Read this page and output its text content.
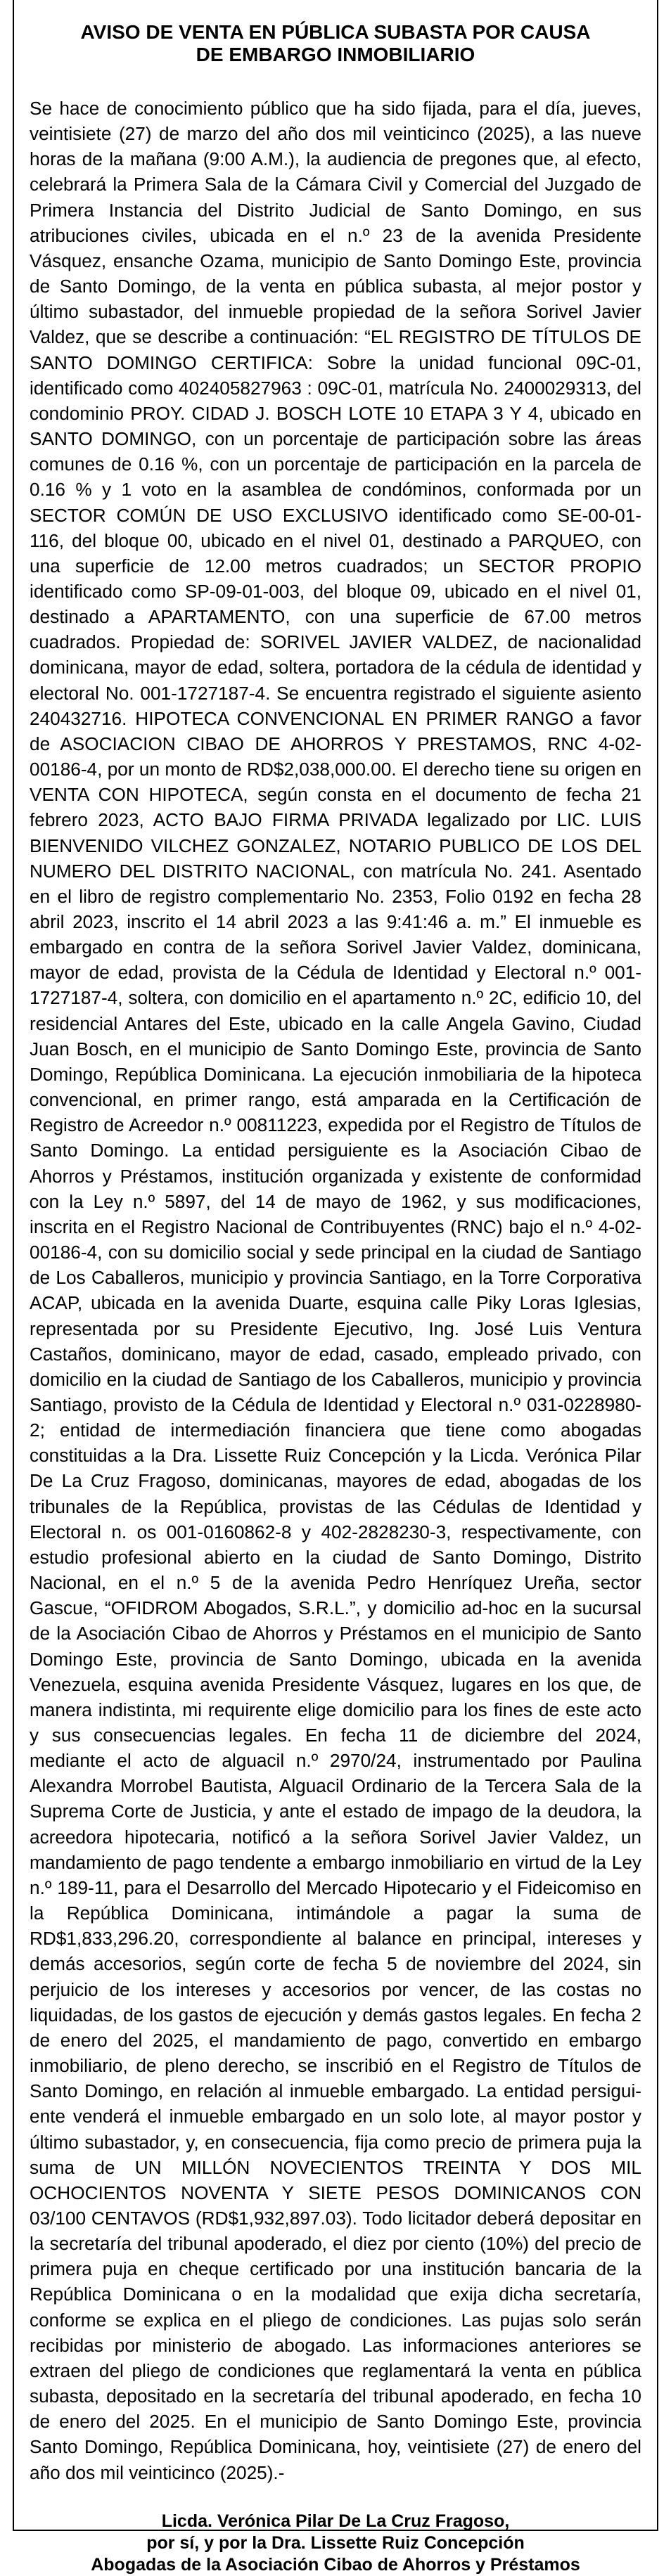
AVISO DE VENTA EN PÚBLICA SUBASTA POR CAUSA
DE EMBARGO INMOBILIARIO

Se hace de conocimiento público que ha sido fijada, para el día, jueves, veintisiete (27) de marzo del año dos mil veinticinco (2025), a las nueve horas de la mañana (9:00 A.M.), la audiencia de pregones que, al efecto, celebrará la Primera Sala de la Cámara Civil y Comercial del Juzgado de Primera Instancia del Distrito Judicial de Santo Domingo, en sus atribuciones civiles, ubicada en el n.º 23 de la avenida Presidente Vásquez, ensanche Ozama, municipio de Santo Domingo Este, provincia de Santo Domingo, de la venta en pública subasta, al mejor postor y último subastador, del inmueble propiedad de la señora Sorivel Javier Valdez, que se describe a continuación: “EL REGISTRO DE TÍTULOS DE SANTO DOMINGO CERTIFICA: Sobre la unidad funcional 09C-01, identificado como 402405827963 : 09C-01, matrícula No. 2400029313, del condominio PROY. CIDAD J. BOSCH LOTE 10 ETAPA 3 Y 4, ubicado en SANTO DOMINGO, con un porcentaje de participación sobre las áreas comunes de 0.16 %, con un porcentaje de participación en la parcela de 0.16 % y 1 voto en la asamblea de condóminos, conformada por un SECTOR COMÚN DE USO EXCLUSIVO identificado como SE-00-01- 116, del bloque 00, ubicado en el nivel 01, destinado a PARQUEO, con una superficie de 12.00 metros cuadrados; un SECTOR PROPIO identificado como SP-09-01-003, del bloque 09, ubicado en el nivel 01, destinado a APARTAMENTO, con una superficie de 67.00 metros cuadrados. Propiedad de: SORIVEL JAVIER VALDEZ, de nacionalidad dominicana, mayor de edad, soltera, portadora de la cédula de identidad y electoral No. 001-1727187-4. Se encuentra registrado el siguiente asiento 240432716. HIPOTECA CONVENCIONAL EN PRIMER RANGO a favor de ASOCIACION CIBAO DE AHORROS Y PRESTAMOS, RNC 4-02-00186-4, por un monto de RD$2,038,000.00. El derecho tiene su origen en VENTA CON HIPOTECA, según consta en el documento de fecha 21 febrero 2023, ACTO BAJO FIRMA PRIVADA legalizado por LIC. LUIS BIENVENIDO VILCHEZ GONZALEZ, NOTARIO PUBLICO DE LOS DEL NUMERO DEL DISTRITO NACIONAL, con matrícula No. 241. Asentado en el libro de registro complementario No. 2353, Folio 0192 en fecha 28 abril 2023, inscrito el 14 abril 2023 a las 9:41:46 a. m.” El inmueble es embargado en contra de la señora Sorivel Javier Valdez, dominicana, mayor de edad, provista de la Cédula de Identidad y Electoral n.º 001-1727187-4, soltera, con domicilio en el apartamento n.º 2C, edificio 10, del residencial Antares del Este, ubicado en la calle Angela Gavino, Ciudad Juan Bosch, en el municipio de Santo Domingo Este, provincia de Santo Domingo, República Dominicana. La ejecución inmobiliaria de la hipoteca convencional, en primer rango, está amparada en la Certificación de Registro de Acreedor n.º 00811223, expedida por el Registro de Títulos de Santo Domingo. La entidad persiguiente es la Asociación Cibao de Ahorros y Préstamos, institución organizada y existente de conformidad con la Ley n.º 5897, del 14 de mayo de 1962, y sus modificaciones, inscrita en el Registro Nacional de Contribuyentes (RNC) bajo el n.º 4-02-00186-4, con su domicilio social y sede principal en la ciudad de Santiago de Los Caballeros, municipio y provincia Santiago, en la Torre Corporativa ACAP, ubicada en la avenida Duarte, esquina calle Piky Loras Iglesias, representada por su Presidente Ejecutivo, Ing. José Luis Ventura Castaños, dominicano, mayor de edad, casado, empleado privado, con domicilio en la ciudad de Santiago de los Caballeros, municipio y provincia Santiago, provisto de la Cédula de Identidad y Electoral n.º 031-0228980-2; entidad de intermediación financiera que tiene como abogadas constituidas a la Dra. Lissette Ruiz Concepción y la Licda. Verónica Pilar De La Cruz Fragoso, dominicanas, mayores de edad, abogadas de los tribunales de la República, provistas de las Cédulas de Identidad y Electoral n. os 001-0160862-8 y 402-2828230-3, respectivamente, con estudio profesional abierto en la ciudad de Santo Domingo, Distrito Nacional, en el n.º 5 de la avenida Pedro Henríquez Ureña, sector Gascue, “OFIDROM Abogados, S.R.L.”, y domicilio ad-hoc en la sucursal de la Asociación Cibao de Ahorros y Préstamos en el municipio de Santo Domingo Este, provincia de Santo Domingo, ubicada en la avenida Venezuela, esquina avenida Presidente Vásquez, lugares en los que, de manera indistinta, mi requirente elige domicilio para los fines de este acto y sus consecuencias legales. En fecha 11 de diciembre del 2024, mediante el acto de alguacil n.º 2970/24, instrumentado por Paulina Alexandra Morrobel Bautista, Alguacil Ordinario de la Tercera Sala de la Suprema Corte de Justicia, y ante el estado de impago de la deudora, la acreedora hipotecaria, notificó a la señora Sorivel Javier Valdez, un mandamiento de pago tendente a embargo inmobiliario en virtud de la Ley n.º 189-11, para el Desarrollo del Mercado Hipotecario y el Fideicomiso en la República Dominicana, intimándole a pagar la suma de RD$1,833,296.20, correspondiente al balance en principal, intereses y demás accesorios, según corte de fecha 5 de noviembre del 2024, sin perjuicio de los intereses y accesorios por vencer, de las costas no liquidadas, de los gastos de ejecución y demás gastos legales. En fecha 2 de enero del 2025, el mandamiento de pago, convertido en embargo inmobiliario, de pleno derecho, se inscribió en el Registro de Títulos de Santo Domingo, en relación al inmueble embargado. La entidad persiguiente venderá el inmueble embargado en un solo lote, al mayor postor y último subastador, y, en consecuencia, fija como precio de primera puja la suma de UN MILLÓN NOVECIENTOS TREINTA Y DOS MIL OCHOCIENTOS NOVENTA Y SIETE PESOS DOMINICANOS CON 03/100 CENTAVOS (RD$1,932,897.03). Todo licitador deberá depositar en la secretaría del tribunal apoderado, el diez por ciento (10%) del precio de primera puja en cheque certificado por una institución bancaria de la República Dominicana o en la modalidad que exija dicha secretaría, conforme se explica en el pliego de condiciones. Las pujas solo serán recibidas por ministerio de abogado. Las informaciones anteriores se extraen del pliego de condiciones que reglamentará la venta en pública subasta, depositado en la secretaría del tribunal apoderado, en fecha 10 de enero del 2025. En el municipio de Santo Domingo Este, provincia Santo Domingo, República Dominicana, hoy, veintisiete (27) de enero del año dos mil veinticinco (2025).-

Licda. Verónica Pilar De La Cruz Fragoso,
por sí, y por la Dra. Lissette Ruiz Concepción
Abogadas de la Asociación Cibao de Ahorros y Préstamos
